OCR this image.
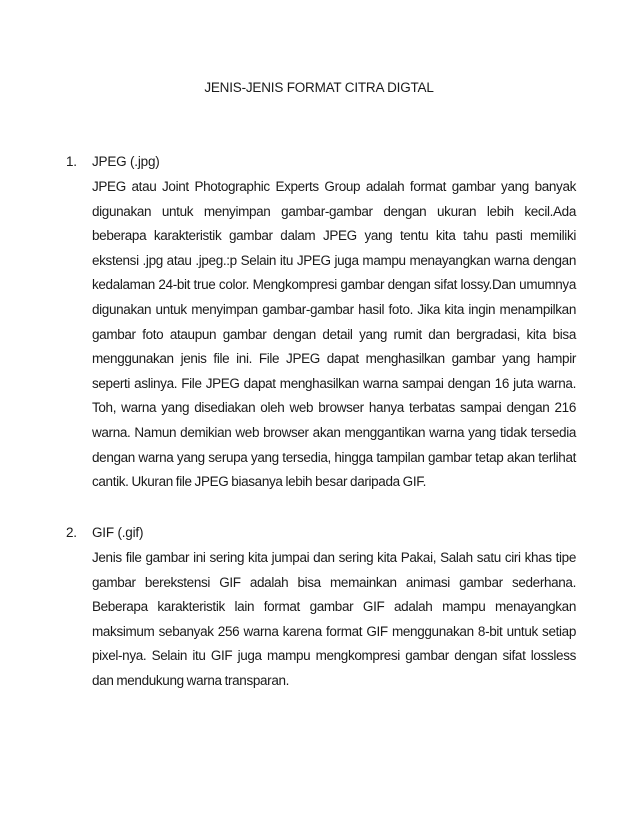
JENIS-JENIS FORMAT CITRA DIGTAL
1.	JPEG (.jpg)
JPEG atau Joint Photographic Experts Group adalah format gambar yang banyak digunakan untuk menyimpan gambar-gambar dengan ukuran lebih kecil.Ada beberapa karakteristik gambar dalam JPEG yang tentu kita tahu pasti memiliki ekstensi .jpg atau .jpeg.:p Selain itu JPEG juga mampu menayangkan warna dengan kedalaman 24-bit true color. Mengkompresi gambar dengan sifat lossy.Dan umumnya digunakan untuk menyimpan gambar-gambar hasil foto. Jika kita ingin menampilkan gambar foto ataupun gambar dengan detail yang rumit dan bergradasi, kita bisa menggunakan jenis file ini. File JPEG dapat menghasilkan gambar yang hampir seperti aslinya. File JPEG dapat menghasilkan warna sampai dengan 16 juta warna. Toh, warna yang disediakan oleh web browser hanya terbatas sampai dengan 216 warna. Namun demikian web browser akan menggantikan warna yang tidak tersedia dengan warna yang serupa yang tersedia, hingga tampilan gambar tetap akan terlihat cantik. Ukuran file JPEG biasanya lebih besar daripada GIF.
2.	GIF (.gif)
Jenis file gambar ini sering kita jumpai dan sering kita Pakai, Salah satu ciri khas tipe gambar berekstensi GIF adalah bisa memainkan animasi gambar sederhana. Beberapa karakteristik lain format gambar GIF adalah mampu menayangkan maksimum sebanyak 256 warna karena format GIF menggunakan 8-bit untuk setiap pixel-nya. Selain itu GIF juga mampu mengkompresi gambar dengan sifat lossless dan mendukung warna transparan.
